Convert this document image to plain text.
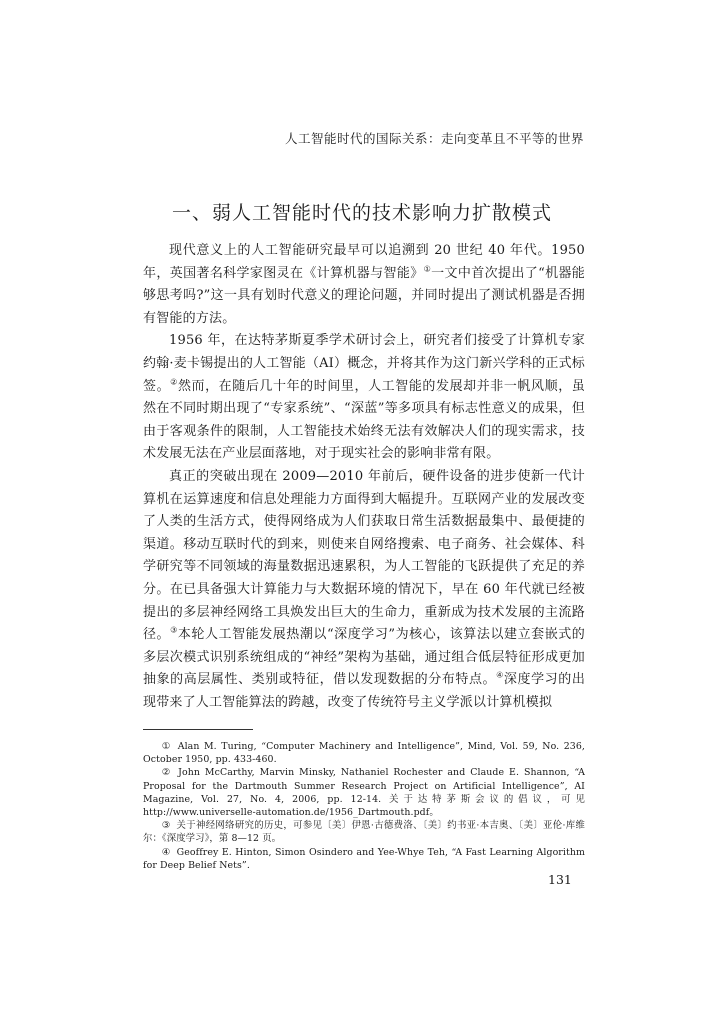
人工智能时代的国际关系：走向变革且不平等的世界
一、弱人工智能时代的技术影响力扩散模式

现代意义上的人工智能研究最早可以追溯到 20 世纪 40 年代。1950 年，英国著名科学家图灵在《计算机器与智能》①一文中首次提出了“机器能够思考吗?”这一具有划时代意义的理论问题，并同时提出了测试机器是否拥有智能的方法。

1956 年，在达特茅斯夏季学术研讨会上，研究者们接受了计算机专家约翰·麦卡锡提出的人工智能（AI）概念，并将其作为这门新兴学科的正式标签。②然而，在随后几十年的时间里，人工智能的发展却并非一帆风顺，虽然在不同时期出现了“专家系统”、“深蓝”等多项具有标志性意义的成果，但由于客观条件的限制，人工智能技术始终无法有效解决人们的现实需求，技术发展无法在产业层面落地，对于现实社会的影响非常有限。

真正的突破出现在 2009—2010 年前后，硬件设备的进步使新一代计算机在运算速度和信息处理能力方面得到大幅提升。互联网产业的发展改变了人类的生活方式，使得网络成为人们获取日常生活数据最集中、最便捷的渠道。移动互联时代的到来，则使来自网络搜索、电子商务、社会媒体、科学研究等不同领域的海量数据迅速累积，为人工智能的飞跃提供了充足的养分。在已具备强大计算能力与大数据环境的情况下，早在 60 年代就已经被提出的多层神经网络工具焕发出巨大的生命力，重新成为技术发展的主流路径。③本轮人工智能发展热潮以“深度学习”为核心，该算法以建立套嵌式的多层次模式识别系统组成的“神经”架构为基础，通过组合低层特征形成更加抽象的高层属性、类别或特征，借以发现数据的分布特点。④深度学习的出现带来了人工智能算法的跨越，改变了传统符号主义学派以计算机模拟

① Alan M. Turing, “Computer Machinery and Intelligence”, Mind, Vol. 59, No. 236, October 1950, pp. 433-460.

② John McCarthy, Marvin Minsky, Nathaniel Rochester and Claude E. Shannon, “A Proposal for the Dartmouth Summer Research Project on Artificial Intelligence”, AI Magazine, Vol. 27, No. 4, 2006, pp. 12-14. 关于达特茅斯会议的倡议，可见 http://www.universelle-automation.de/1956_Dartmouth.pdf。

③ 关于神经网络研究的历史，可参见〔美〕伊恩·古德费洛、〔美〕约书亚·本吉奥、〔美〕亚伦·库维尔：《深度学习》，第 8—12 页。

④ Geoffrey E. Hinton, Simon Osindero and Yee-Whye Teh, “A Fast Learning Algorithm for Deep Belief Nets”.

131
